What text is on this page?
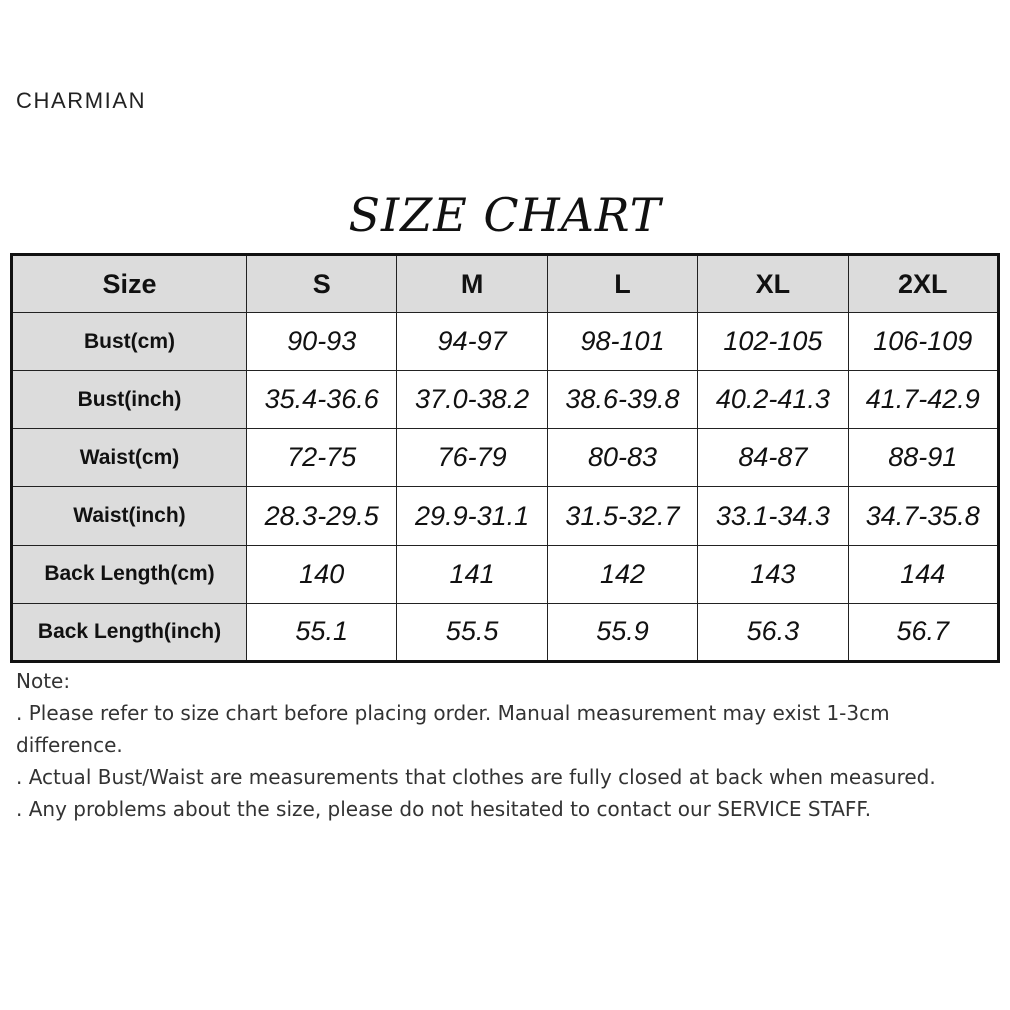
CHARMIAN
SIZE CHART
Size	S	M	L	XL	2XL
Bust(cm)	90-93	94-97	98-101	102-105	106-109
Bust(inch)	35.4-36.6	37.0-38.2	38.6-39.8	40.2-41.3	41.7-42.9
Waist(cm)	72-75	76-79	80-83	84-87	88-91
Waist(inch)	28.3-29.5	29.9-31.1	31.5-32.7	33.1-34.3	34.7-35.8
Back Length(cm)	140	141	142	143	144
Back Length(inch)	55.1	55.5	55.9	56.3	56.7

Note:

. Please refer to size chart before placing order. Manual measurement may exist 1-3cm difference.

. Actual Bust/Waist are measurements that clothes are fully closed at back when measured.

. Any problems about the size, please do not hesitated to contact our SERVICE STAFF.
